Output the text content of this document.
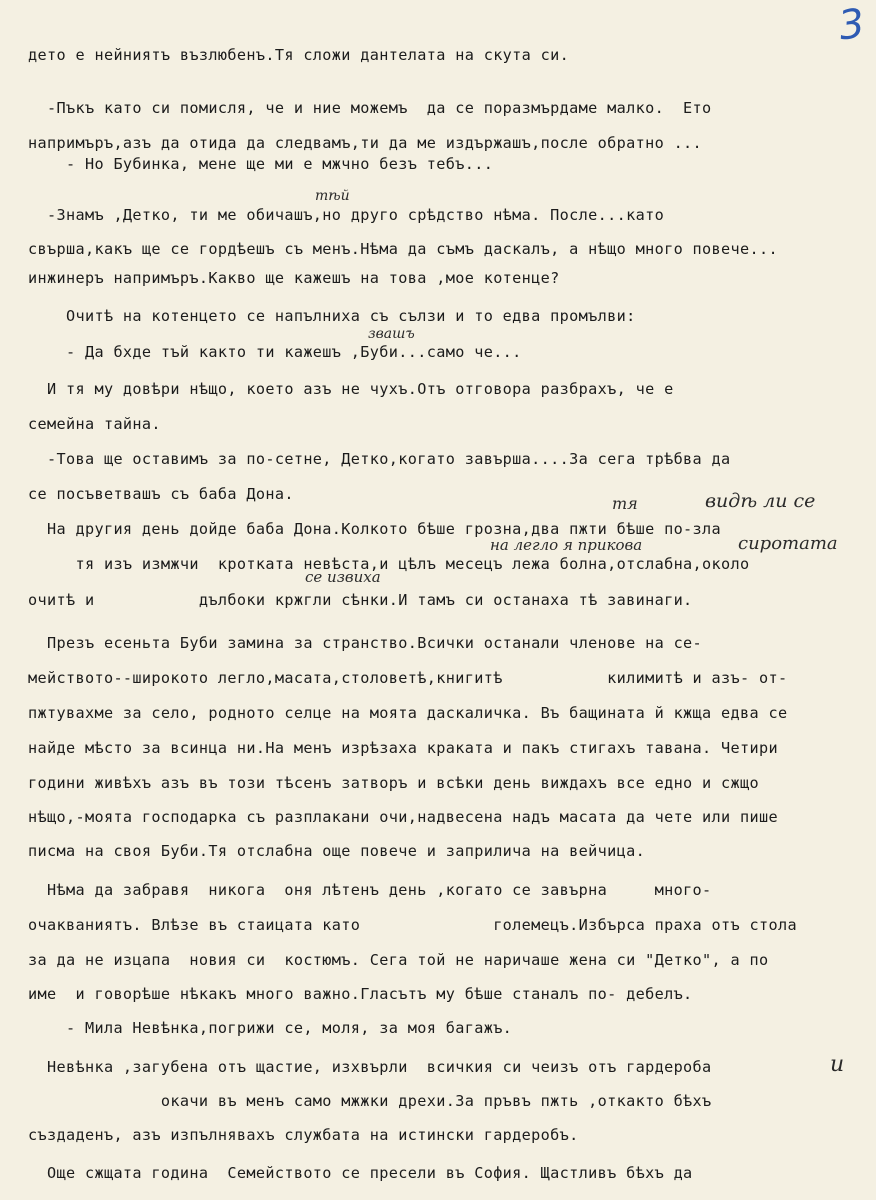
3
дето е нейниятъ възлюбенъ.Тя сложи дантелата на скута си.
-Пъкъ като си помисля, че и ние можемъ  да се поразмърдаме малко.  Ето
напримъръ,азъ да отида да следвамъ,ти да ме издържашъ,после обратно ...
- Но Бубинка, мене ще ми е мжчно безъ тебъ...
-Знамъ ,Детко, ти ме обичашъ,но друго срѣдство нѣма. После...като
свърша,какъ ще се гордѣешъ съ менъ.Нѣма да съмъ даскалъ, а нѣщо много повече...
инжинеръ напримъръ.Какво ще кажешъ на това ,мое котенце?
Очитѣ на котенцето се напълниха съ сълзи и то едва промълви:
- Да бхде тъй както ти кажешъ ,Буби...само че...
И тя му довѣри нѣщо, което азъ не чухъ.Отъ отговора разбрахъ, че е
семейна тайна.
-Това ще оставимъ за по-сетне, Детко,когато завърша....За сега трѣбва да
се посъветвашъ съ баба Дона.
На другия день дойде баба Дона.Колкото бѣше грозна,два пжти бѣше по-зла
тя изъ измжчи  кротката невѣста,и цѣлъ месецъ лежа болна,отслабна,около
очитѣ и           дълбоки кржгли сѣнки.И тамъ си останаха тѣ завинаги.
Презъ есеньта Буби замина за странство.Всички останали членове на се-
мейството--широкото легло,масата,столоветѣ,книгитѣ           килимитѣ и азъ- от-
пжтувахме за село, родното селце на моята даскаличка. Въ бащината й кжща едва се
найде мѣсто за всинца ни.На менъ изрѣзаха краката и пакъ стигахъ тавана. Четири
години живѣхъ азъ въ този тѣсенъ затворъ и всѣки день виждахъ все едно и сжщо
нѣщо,-моята господарка съ разплакани очи,надвесена надъ масата да чете или пише
писма на своя Буби.Тя отслабна още повече и заприлича на вейчица.
Нѣма да забравя  никога  оня лѣтенъ день ,когато се завърна     много-
очакваниятъ. Влѣзе въ стаицата като              големецъ.Избърса праха отъ стола
за да не изцапа  новия си  костюмъ. Сега той не наричаше жена си "Детко", а по
име  и говорѣше нѣкакъ много важно.Гласътъ му бѣше станалъ по- дебелъ.
- Мила Невѣнка,погрижи се, моля, за моя багажъ.
Невѣнка ,загубена отъ щастие, изхвърли  всичкия си чеизъ отъ гардероба
окачи въ менъ само мжжки дрехи.За пръвъ пжть ,откакто бѣхъ
създаденъ, азъ изпълнявахъ службата на истински гардеробъ.
Още сжщата година  Семейството се пресели въ София. Щастливъ бѣхъ да
тѣй
звашъ
тя	видѣ ли се
на легло я прикова	сиротата
се извиха
и
